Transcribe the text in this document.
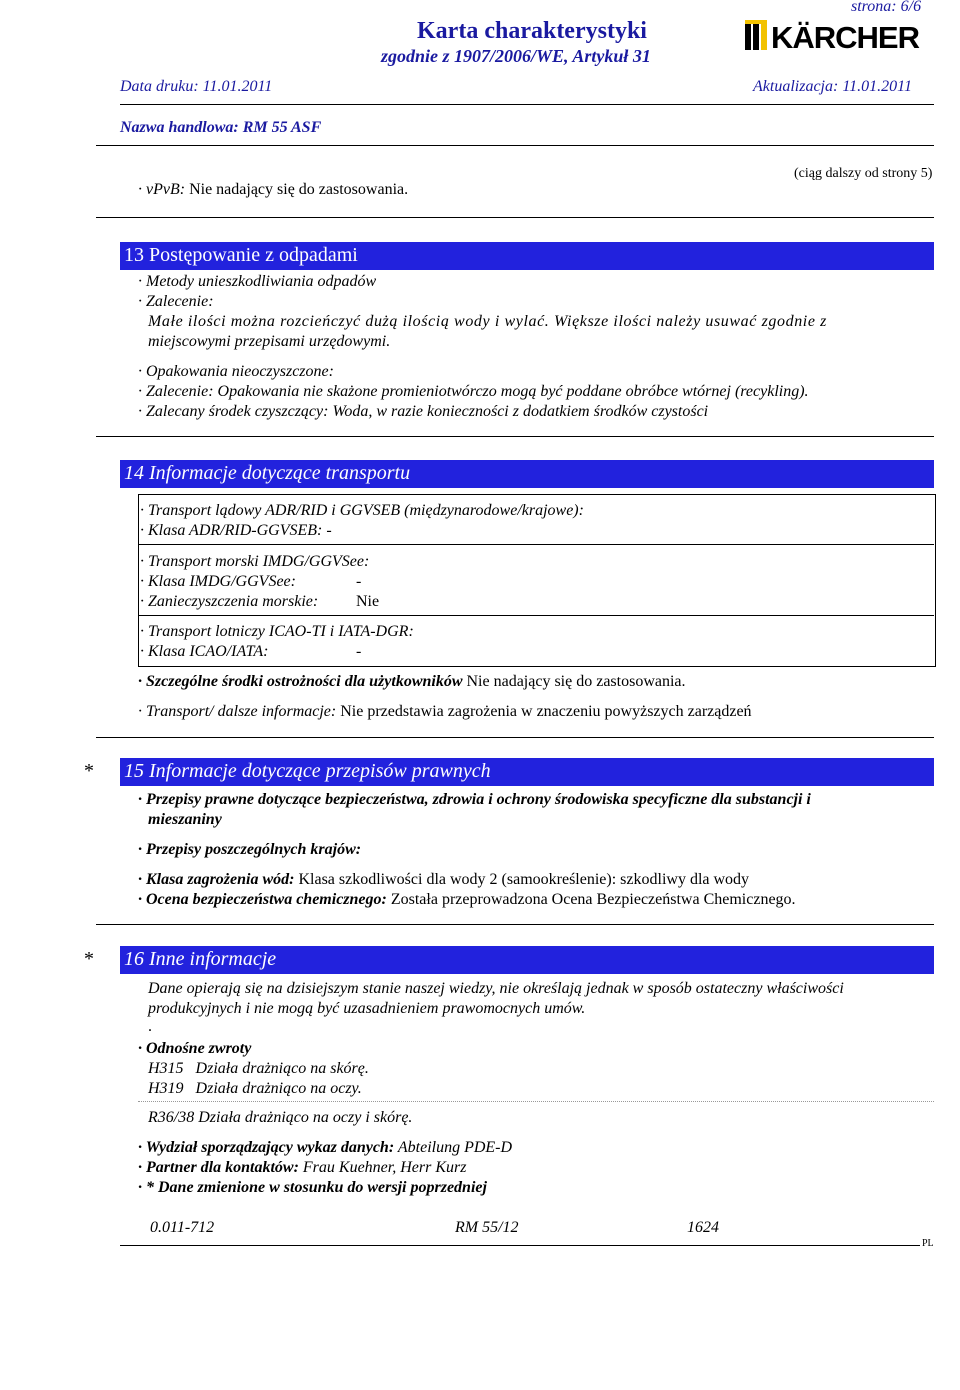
Karta charakterystyki
zgodnie z 1907/2006/WE, Artykuł 31
strona: 6/6
KÄRCHER
Data druku: 11.01.2011	Aktualizacja: 11.01.2011
Nazwa handlowa: RM 55 ASF
(ciąg dalszy od strony 5)
· vPvB: Nie nadający się do zastosowania.
13 Postępowanie z odpadami
· Metody unieszkodliwiania odpadów
· Zalecenie:
Małe ilości można rozcieńczyć dużą ilością wody i wylać. Większe ilości należy usuwać zgodnie z
miejscowymi przepisami urzędowymi.
· Opakowania nieoczyszczone:
· Zalecenie: Opakowania nie skażone promieniotwórczo mogą być poddane obróbce wtórnej (recykling).
· Zalecany środek czyszczący: Woda, w razie konieczności z dodatkiem środków czystości
14 Informacje dotyczące transportu
· Transport lądowy ADR/RID i GGVSEB (międzynarodowe/krajowe):
· Klasa ADR/RID-GGVSEB: -
· Transport morski IMDG/GGVSee:
· Klasa IMDG/GGVSee:	-
· Zanieczyszczenia morskie: Nie
· Transport lotniczy ICAO-TI i IATA-DGR:
· Klasa ICAO/IATA:	-
· Szczególne środki ostrożności dla użytkowników Nie nadający się do zastosowania.
· Transport/ dalsze informacje: Nie przedstawia zagrożenia w znaczeniu powyższych zarządzeń
* 15 Informacje dotyczące przepisów prawnych
· Przepisy prawne dotyczące bezpieczeństwa, zdrowia i ochrony środowiska specyficzne dla substancji i
mieszaniny
· Przepisy poszczególnych krajów:
· Klasa zagrożenia wód: Klasa szkodliwości dla wody 2 (samookreślenie): szkodliwy dla wody
· Ocena bezpieczeństwa chemicznego: Została przeprowadzona Ocena Bezpieczeństwa Chemicznego.
* 16 Inne informacje
Dane opierają się na dzisiejszym stanie naszej wiedzy, nie określają jednak w sposób ostateczny właściwości
produkcyjnych i nie mogą być uzasadnieniem prawomocnych umów.
.
· Odnośne zwroty
H315   Działa drażniąco na skórę.
H319   Działa drażniąco na oczy.
R36/38 Działa drażniąco na oczy i skórę.
· Wydział sporządzający wykaz danych: Abteilung PDE-D
· Partner dla kontaktów: Frau Kuehner, Herr Kurz
· * Dane zmienione w stosunku do wersji poprzedniej
0.011-712	RM 55/12	1624
PL
